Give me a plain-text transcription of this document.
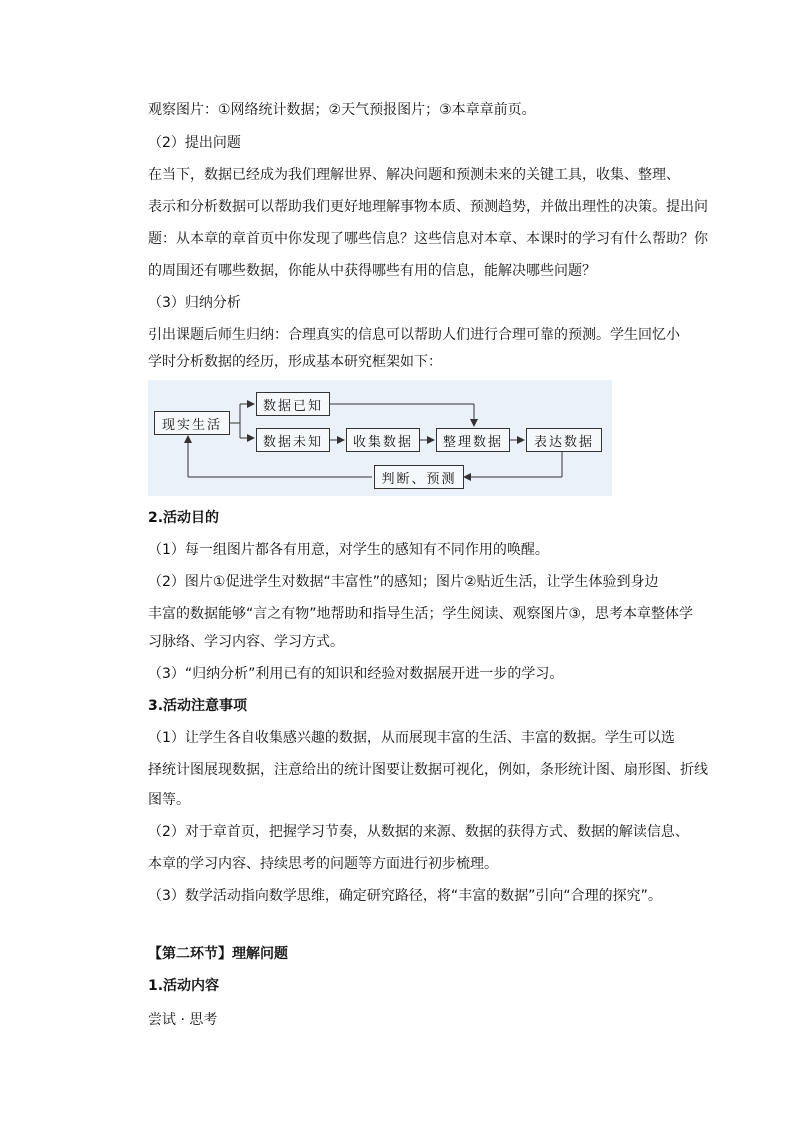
观察图片：①网络统计数据；②天气预报图片；③本章章前页。
（2）提出问题
在当下，数据已经成为我们理解世界、解决问题和预测未来的关键工具，收集、整理、
表示和分析数据可以帮助我们更好地理解事物本质、预测趋势，并做出理性的决策。提出问
题：从本章的章首页中你发现了哪些信息？这些信息对本章、本课时的学习有什么帮助？你
的周围还有哪些数据，你能从中获得哪些有用的信息，能解决哪些问题？
（3）归纳分析
引出课题后师生归纳：合理真实的信息可以帮助人们进行合理可靠的预测。学生回忆小
学时分析数据的经历，形成基本研究框架如下：
现实生活
数据已知
数据未知	收集数据	整理数据	表达数据
判断、预测
2.活动目的
（1）每一组图片都各有用意，对学生的感知有不同作用的唤醒。
（2）图片①促进学生对数据“丰富性”的感知；图片②贴近生活，让学生体验到身边
丰富的数据能够“言之有物”地帮助和指导生活；学生阅读、观察图片③，思考本章整体学
习脉络、学习内容、学习方式。
（3）“归纳分析”利用已有的知识和经验对数据展开进一步的学习。
3.活动注意事项
（1）让学生各自收集感兴趣的数据，从而展现丰富的生活、丰富的数据。学生可以选
择统计图展现数据，注意给出的统计图要让数据可视化，例如，条形统计图、扇形图、折线
图等。
（2）对于章首页，把握学习节奏，从数据的来源、数据的获得方式、数据的解读信息、
本章的学习内容、持续思考的问题等方面进行初步梳理。
（3）数学活动指向数学思维，确定研究路径，将“丰富的数据”引向“合理的探究”。
【第二环节】理解问题
1.活动内容
尝试 · 思考
